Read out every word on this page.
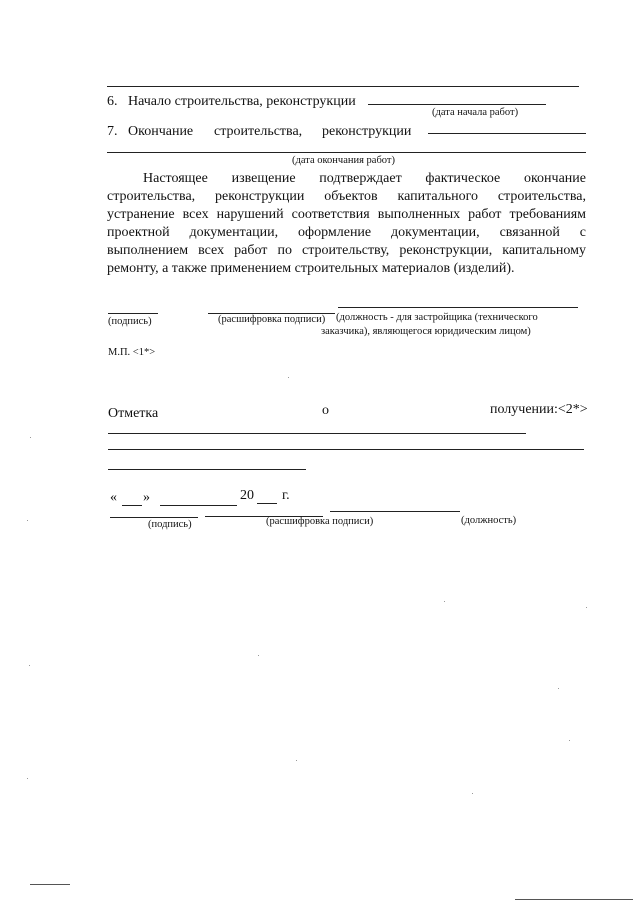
6. Начало строительства, реконструкции
(дата начала работ)
7. Окончание строительства, реконструкции
(дата окончания работ)
Настоящее извещение подтверждает фактическое окончание строительства, реконструкции объектов капитального строительства, устранение всех нарушений соответствия выполненных работ требованиям проектной документации, оформление документации, связанной с выполнением всех работ по строительству, реконструкции, капитальному ремонту, а также применением строительных материалов (изделий).
(подпись)	(расшифровка подписи) (должность - для застройщика (технического
заказчика), являющегося юридическим лицом)
М.П. <1*>
Отметка	о	получении:<2*>
« »	20 г.
(подпись)	(расшифровка подписи)	(должность)
